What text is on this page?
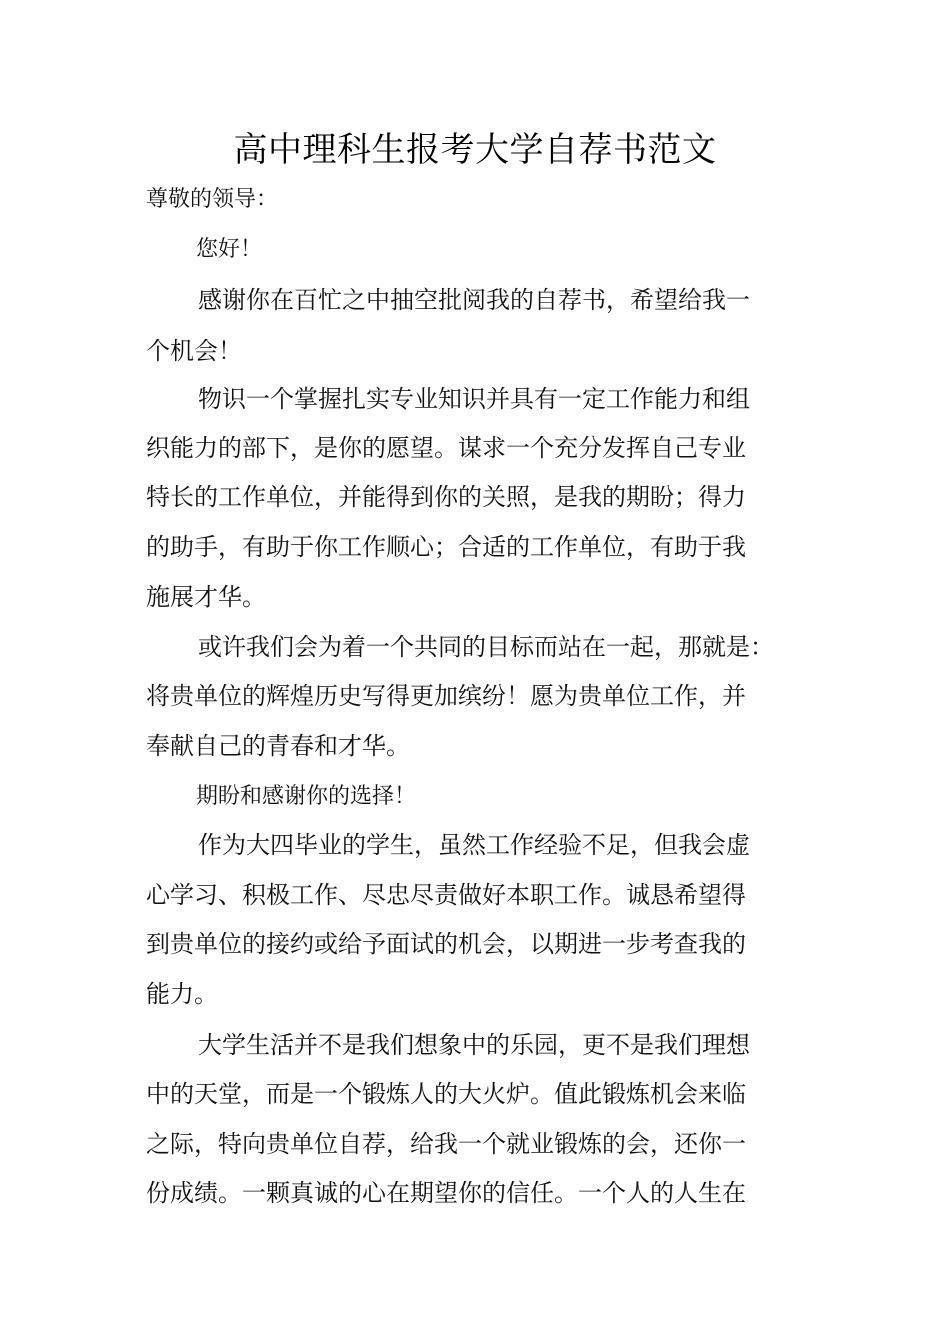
高中理科生报考大学自荐书范文
尊敬的领导：
您好！
感谢你在百忙之中抽空批阅我的自荐书，希望给我一
个机会！
物识一个掌握扎实专业知识并具有一定工作能力和组
织能力的部下，是你的愿望。谋求一个充分发挥自己专业
特长的工作单位，并能得到你的关照，是我的期盼；得力
的助手，有助于你工作顺心；合适的工作单位，有助于我
施展才华。
或许我们会为着一个共同的目标而站在一起，那就是：
将贵单位的辉煌历史写得更加缤纷！愿为贵单位工作，并
奉献自己的青春和才华。
期盼和感谢你的选择！
作为大四毕业的学生，虽然工作经验不足，但我会虚
心学习、积极工作、尽忠尽责做好本职工作。诚恳希望得
到贵单位的接约或给予面试的机会，以期进一步考查我的
能力。
大学生活并不是我们想象中的乐园，更不是我们理想
中的天堂，而是一个锻炼人的大火炉。值此锻炼机会来临
之际，特向贵单位自荐，给我一个就业锻炼的会，还你一
份成绩。一颗真诚的心在期望你的信任。一个人的人生在
